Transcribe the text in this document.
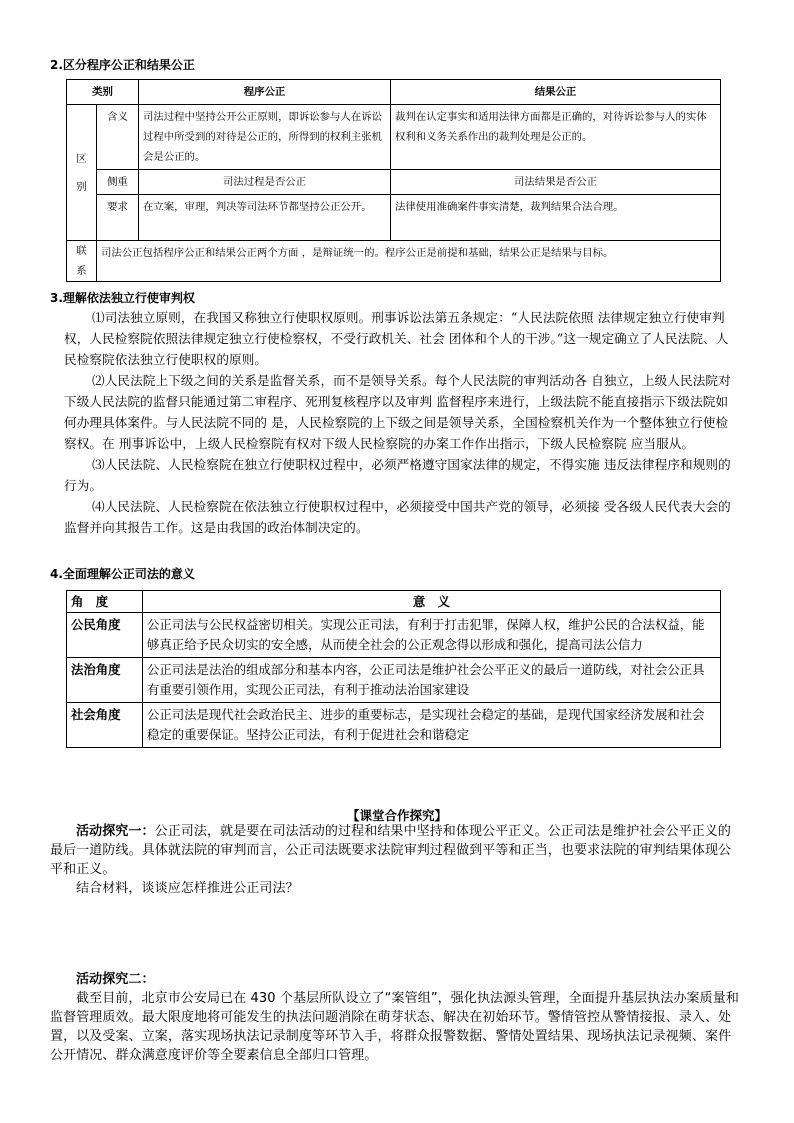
2.区分程序公正和结果公正
类别		程序公正	结果公正
区别	含义	司法过程中坚持公开公正原则，即诉讼参与人在诉讼过程中所受到的对待是公正的，所得到的权利主张机会是公正的。	裁判在认定事实和适用法律方面都是正确的，对待诉讼参与人的实体权利和义务关系作出的裁判处理是公正的。
	侧重	司法过程是否公正	司法结果是否公正
	要求	在立案，审理，判决等司法环节都坚持公正公开。	法律使用准确案件事实清楚，裁判结果合法合理。
联系	司法公正包括程序公正和结果公正两个方面 ，是辩证统一的。程序公正是前提和基础，结果公正是结果与目标。		
3.理解依法独立行使审判权
⑴司法独立原则，在我国又称独立行使职权原则。刑事诉讼法第五条规定：“人民法院依照 法律规定独立行使审判权，人民检察院依照法律规定独立行使检察权，不受行政机关、社会 团体和个人的干涉。”这一规定确立了人民法院、人民检察院依法独立行使职权的原则。
⑵人民法院上下级之间的关系是监督关系，而不是领导关系。每个人民法院的审判活动各 自独立，上级人民法院对下级人民法院的监督只能通过第二审程序、死刑复核程序以及审判 监督程序来进行，上级法院不能直接指示下级法院如何办理具体案件。与人民法院不同的 是，人民检察院的上下级之间是领导关系，全国检察机关作为一个整体独立行使检察权。在 刑事诉讼中，上级人民检察院有权对下级人民检察院的办案工作作出指示，下级人民检察院 应当服从。
⑶人民法院、人民检察院在独立行使职权过程中，必须严格遵守国家法律的规定，不得实施 违反法律程序和规则的行为。
⑷人民法院、人民检察院在依法独立行使职权过程中，必须接受中国共产党的领导，必须接 受各级人民代表大会的监督并向其报告工作。这是由我国的政治体制决定的。
4.全面理解公正司法的意义
角　度	意　义
公民角度	公正司法与公民权益密切相关。实现公正司法，有利于打击犯罪，保障人权，维护公民的合法权益，能够真正给予民众切实的安全感，从而使全社会的公正观念得以形成和强化，提高司法公信力
法治角度	公正司法是法治的组成部分和基本内容，公正司法是维护社会公平正义的最后一道防线，对社会公正具有重要引领作用，实现公正司法，有利于推动法治国家建设
社会角度	公正司法是现代社会政治民主、进步的重要标志，是实现社会稳定的基础，是现代国家经济发展和社会稳定的重要保证。坚持公正司法，有利于促进社会和谐稳定
【课堂合作探究】
活动探究一：公正司法，就是要在司法活动的过程和结果中坚持和体现公平正义。公正司法是维护社会公平正义的最后一道防线。具体就法院的审判而言，公正司法既要求法院审判过程做到平等和正当，也要求法院的审判结果体现公平和正义。
结合材料，谈谈应怎样推进公正司法？
活动探究二：
截至目前，北京市公安局已在 430 个基层所队设立了“案管组”，强化执法源头管理，全面提升基层执法办案质量和监督管理质效。最大限度地将可能发生的执法问题消除在萌芽状态、解决在初始环节。警情管控从警情接报、录入、处置，以及受案、立案，落实现场执法记录制度等环节入手，将群众报警数据、警情处置结果、现场执法记录视频、案件公开情况、群众满意度评价等全要素信息全部归口管理。
